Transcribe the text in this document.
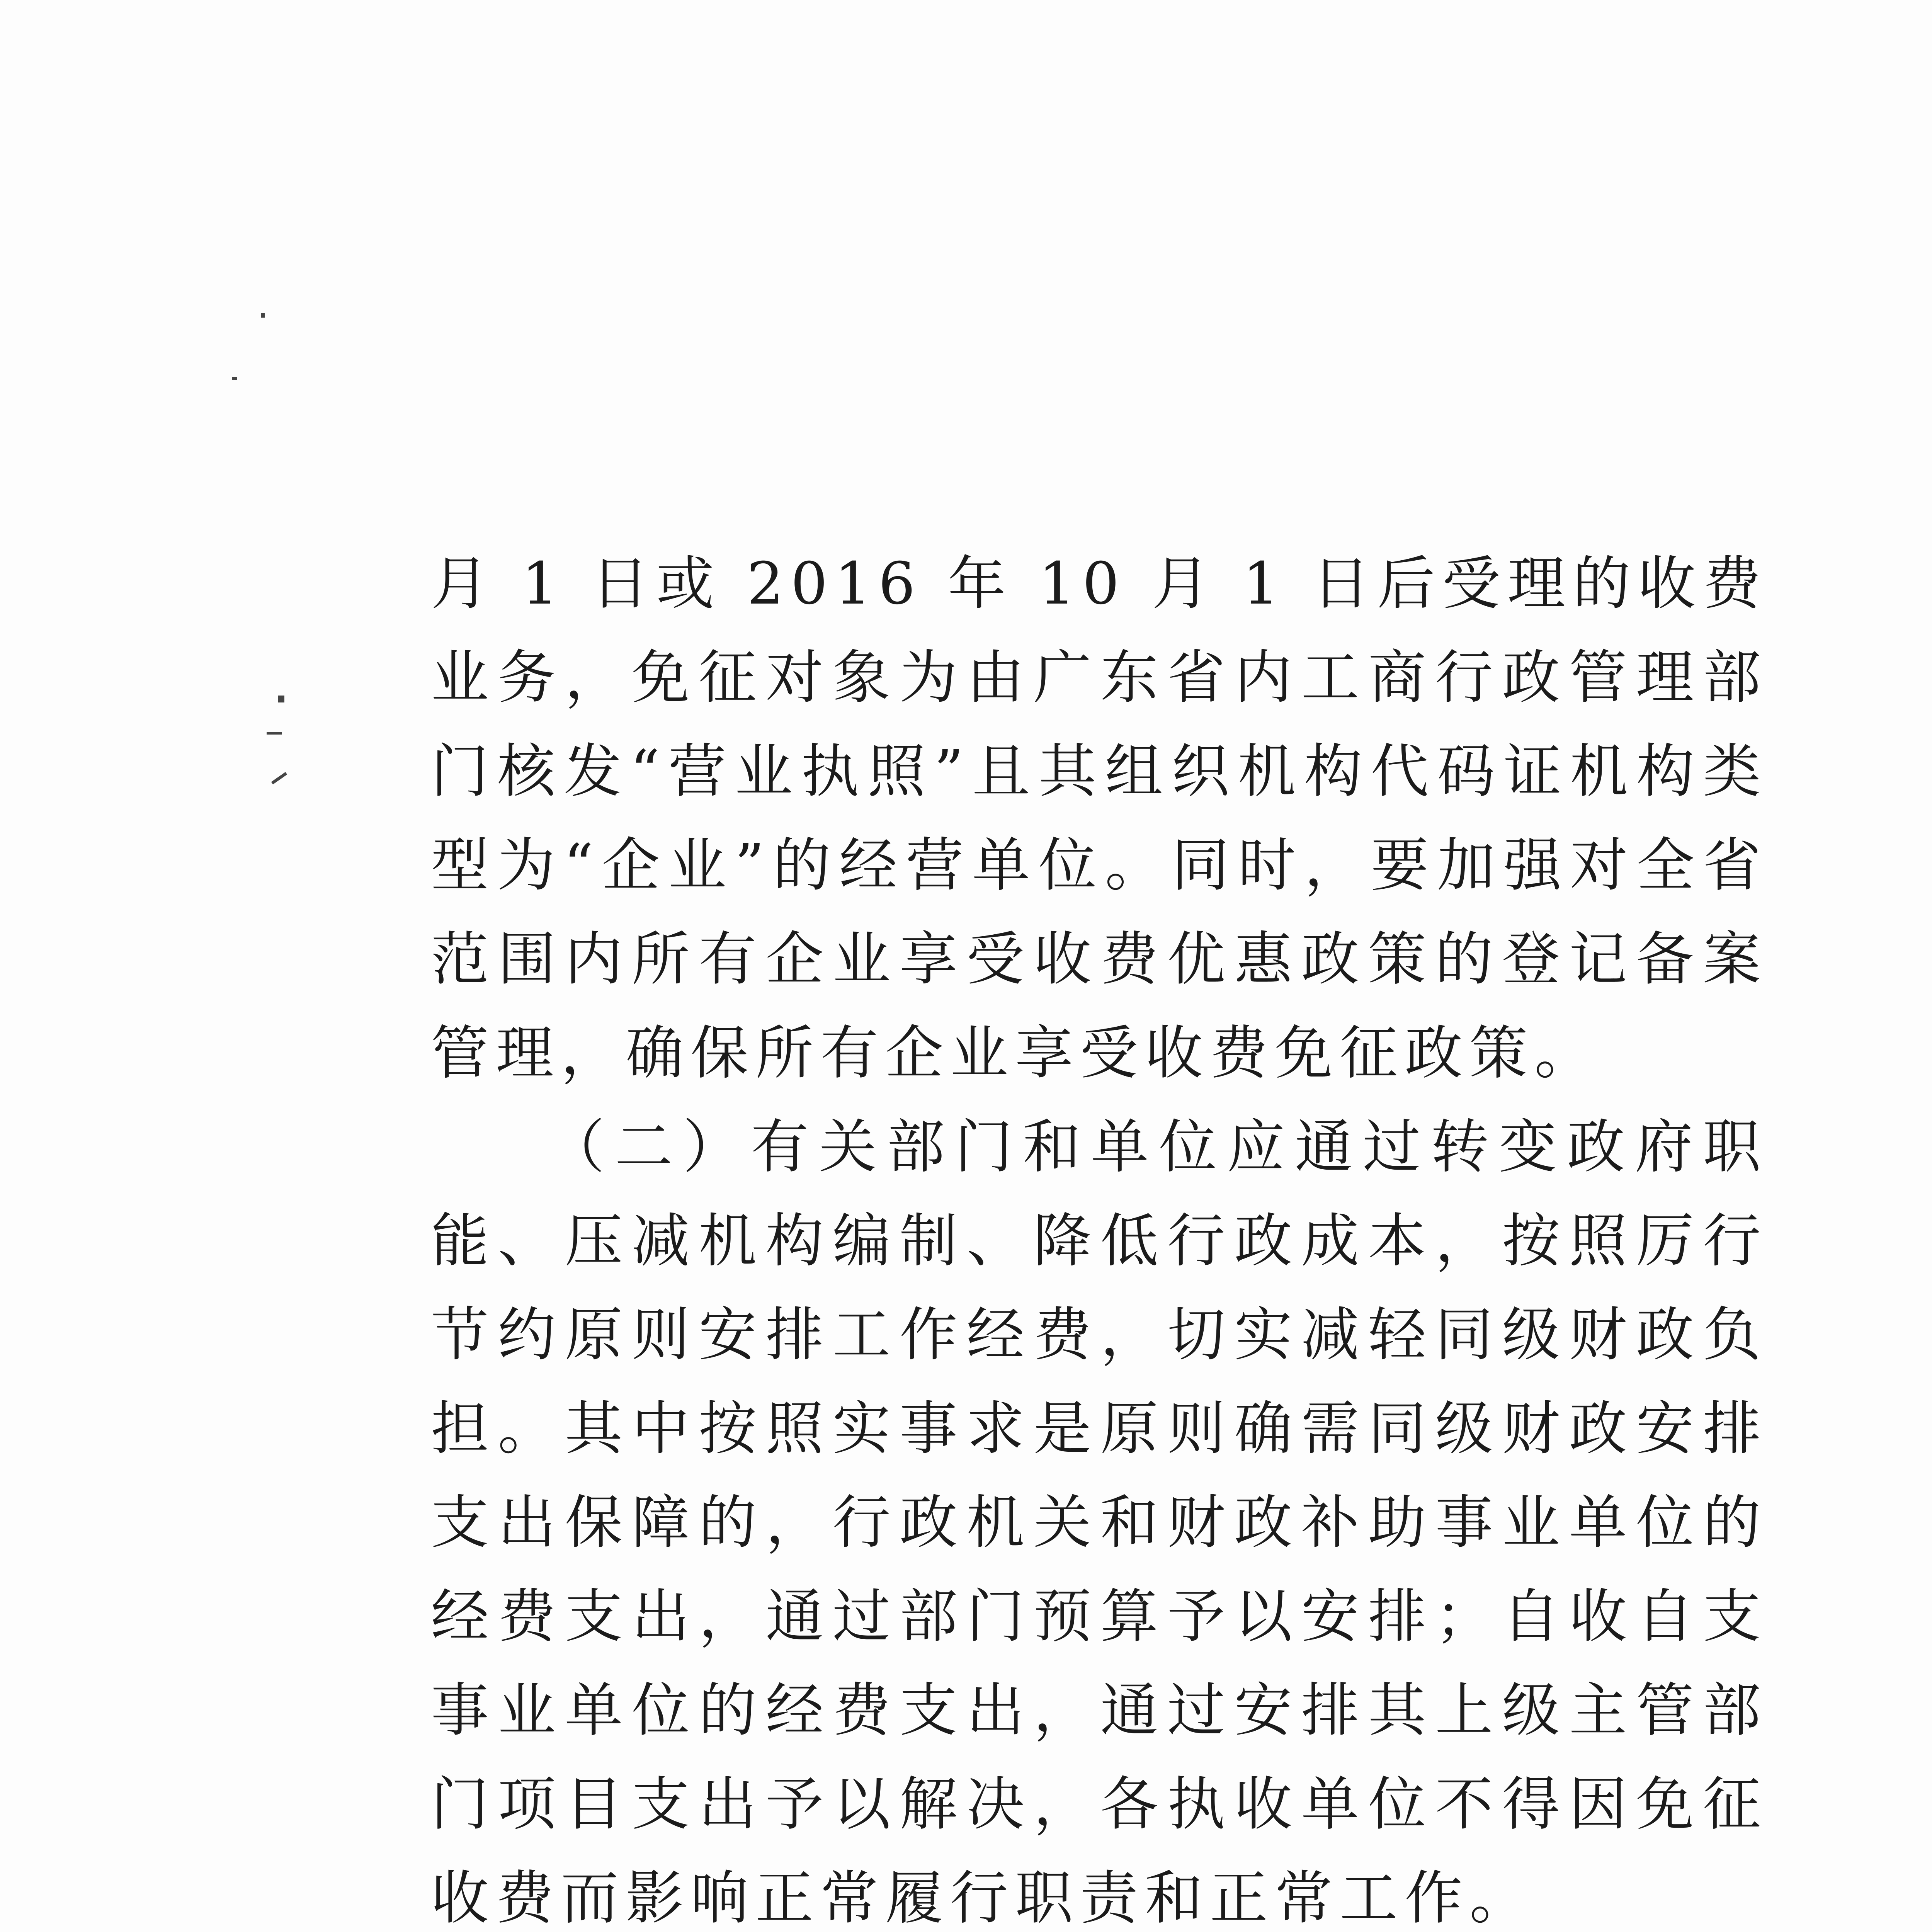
月 1 日或 2016 年 10 月 1 日后受理的收费业务，免征对象为由广东省内工商行政管理部门核发“营业执照”且其组织机构代码证机构类型为“企业”的经营单位。同时，要加强对全省范围内所有企业享受收费优惠政策的登记备案管理，确保所有企业享受收费免征政策。

（二）有关部门和单位应通过转变政府职能、压减机构编制、降低行政成本，按照厉行节约原则安排工作经费，切实减轻同级财政负担。其中按照实事求是原则确需同级财政安排支出保障的，行政机关和财政补助事业单位的经费支出，通过部门预算予以安排；自收自支事业单位的经费支出，通过安排其上级主管部门项目支出予以解决，各执收单位不得因免征收费而影响正常履行职责和正常工作。
